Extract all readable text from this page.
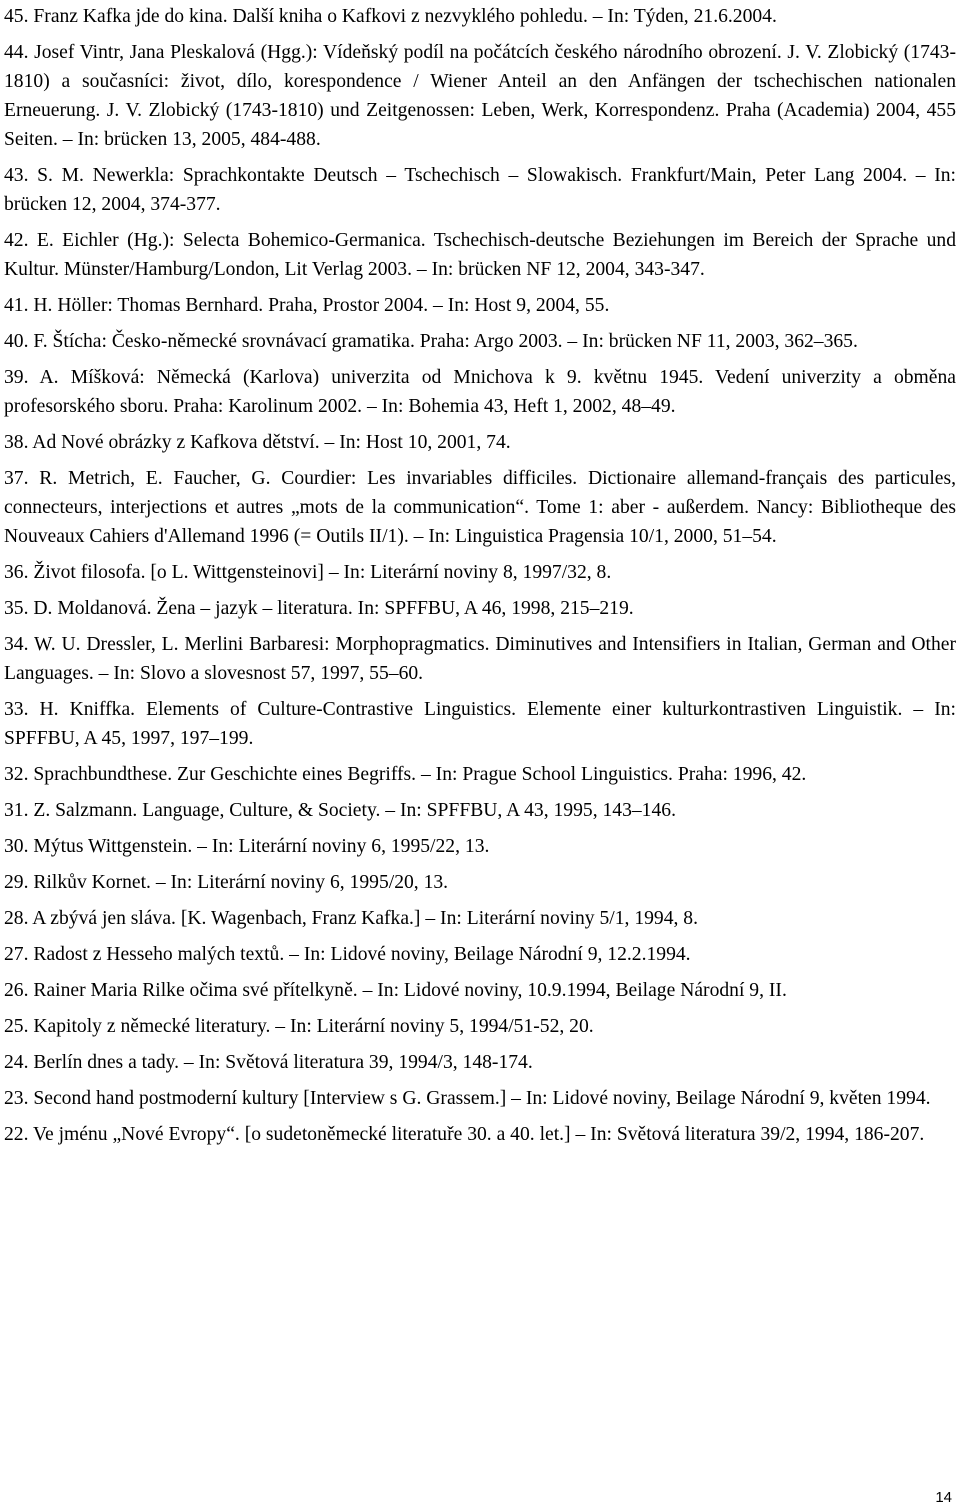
45. Franz Kafka jde do kina. Další kniha o Kafkovi z nezvyklého pohledu. – In: Týden, 21.6.2004.

44. Josef Vintr, Jana Pleskalová (Hgg.): Vídeňský podíl na počátcích českého národního obrození. J. V. Zlobický (1743-1810) a současníci: život, dílo, korespondence / Wiener Anteil an den Anfängen der tschechischen nationalen Erneuerung. J. V. Zlobický (1743-1810) und Zeitgenossen: Leben, Werk, Korrespondenz. Praha (Academia) 2004, 455 Seiten. – In: brücken 13, 2005, 484-488.

43. S. M. Newerkla: Sprachkontakte Deutsch – Tschechisch – Slowakisch. Frankfurt/Main, Peter Lang 2004. – In: brücken 12, 2004, 374-377.

42. E. Eichler (Hg.): Selecta Bohemico-Germanica. Tschechisch-deutsche Beziehungen im Bereich der Sprache und Kultur. Münster/Hamburg/London, Lit Verlag 2003. – In: brücken NF 12, 2004, 343-347.

41. H. Höller: Thomas Bernhard. Praha, Prostor 2004. – In: Host 9, 2004, 55.

40. F. Štícha: Česko-německé srovnávací gramatika. Praha: Argo 2003. – In: brücken NF 11, 2003, 362–365.

39. A. Míšková: Německá (Karlova) univerzita od Mnichova k 9. květnu 1945. Vedení univerzity a obměna profesorského sboru. Praha: Karolinum 2002. – In: Bohemia 43, Heft 1, 2002, 48–49.

38. Ad Nové obrázky z Kafkova dětství. – In: Host 10, 2001, 74.

37. R. Metrich, E. Faucher, G. Courdier: Les invariables difficiles. Dictionaire allemand-français des particules, connecteurs, interjections et autres „mots de la communication“. Tome 1: aber - außerdem. Nancy: Bibliotheque des Nouveaux Cahiers d'Allemand 1996 (= Outils II/1). – In: Linguistica Pragensia 10/1, 2000, 51–54.

36. Život filosofa. [o L. Wittgensteinovi] – In: Literární noviny 8, 1997/32, 8.

35. D. Moldanová. Žena – jazyk – literatura. In: SPFFBU, A 46, 1998, 215–219.

34. W. U. Dressler, L. Merlini Barbaresi: Morphopragmatics. Diminutives and Intensifiers in Italian, German and Other Languages. – In: Slovo a slovesnost 57, 1997, 55–60.

33. H. Kniffka. Elements of Culture-Contrastive Linguistics. Elemente einer kulturkontrastiven Linguistik. – In: SPFFBU, A 45, 1997, 197–199.

32. Sprachbundthese. Zur Geschichte eines Begriffs. – In: Prague School Linguistics. Praha: 1996, 42.

31. Z. Salzmann. Language, Culture, & Society. – In: SPFFBU, A 43, 1995, 143–146.

30. Mýtus Wittgenstein. – In: Literární noviny 6, 1995/22, 13.

29. Rilkův Kornet. – In: Literární noviny 6, 1995/20, 13.

28. A zbývá jen sláva. [K. Wagenbach, Franz Kafka.] – In: Literární noviny 5/1, 1994, 8.

27. Radost z Hesseho malých textů. – In: Lidové noviny, Beilage Národní 9, 12.2.1994.

26. Rainer Maria Rilke očima své přítelkyně. – In: Lidové noviny, 10.9.1994, Beilage Národní 9, II.

25. Kapitoly z německé literatury. – In: Literární noviny 5, 1994/51-52, 20.

24. Berlín dnes a tady. – In: Světová literatura 39, 1994/3, 148-174.

23. Second hand postmoderní kultury [Interview s G. Grassem.] – In: Lidové noviny, Beilage Národní 9, květen 1994.

22. Ve jménu „Nové Evropy“. [o sudetoněmecké literatuře 30. a 40. let.] – In: Světová literatura 39/2, 1994, 186-207.

14
